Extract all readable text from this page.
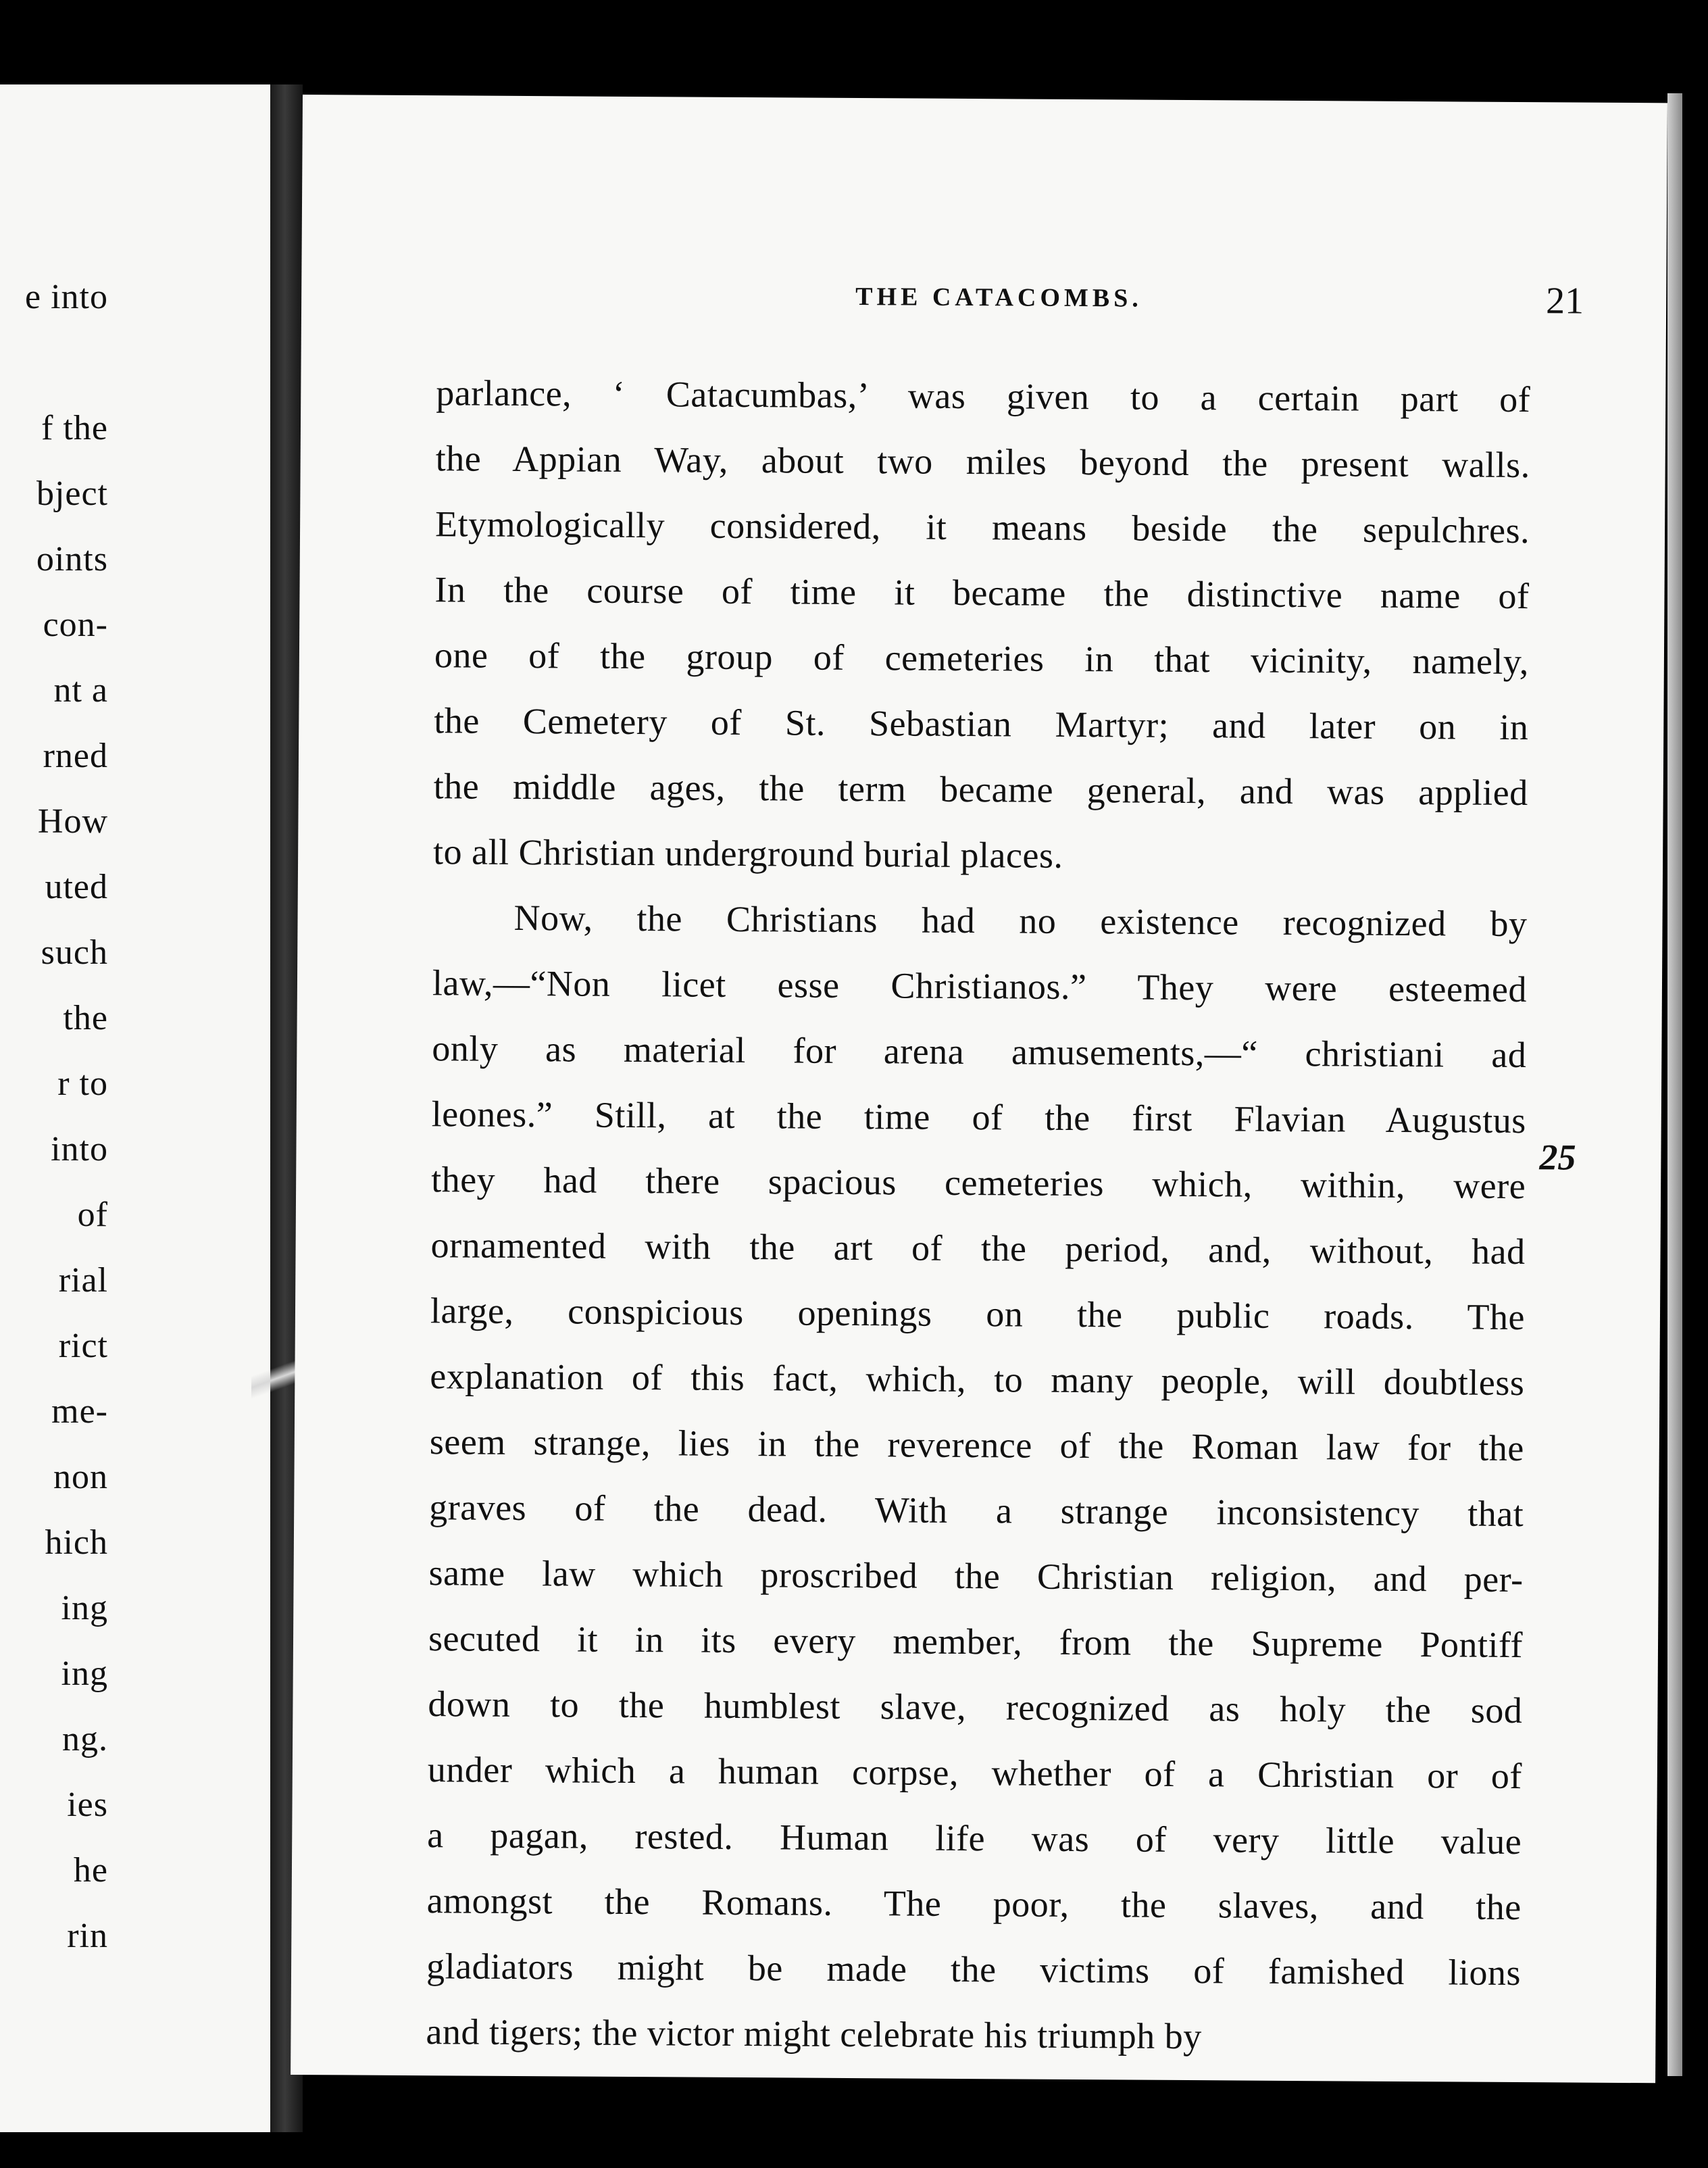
e into
f the
bject
oints
con-
nt a
rned
How
uted
such
the
r to
into
of
rial
rict
me-
non
hich
ing
ing
ng.
ies
he
rin
THE CATACOMBS.	21
parlance, ‘ Catacumbas,’ was given to a certain part of
the Appian Way, about two miles beyond the present walls.
Etymologically considered, it means beside the sepulchres.
In the course of time it became the distinctive name of
one of the group of cemeteries in that vicinity, namely,
the Cemetery of St. Sebastian Martyr; and later on in
the middle ages, the term became general, and was applied
to all Christian underground burial places.
Now, the Christians had no existence recognized by
law,—“Non licet esse Christianos.” They were esteemed
only as material for arena amusements,—“ christiani ad
leones.” Still, at the time of the first Flavian Augustus
they had there spacious cemeteries which, within, were
ornamented with the art of the period, and, without, had
large, conspicious openings on the public roads. The
explanation of this fact, which, to many people, will doubtless
seem strange, lies in the reverence of the Roman law for the
graves of the dead. With a strange inconsistency that
same law which proscribed the Christian religion, and per-
secuted it in its every member, from the Supreme Pontiff
down to the humblest slave, recognized as holy the sod
under which a human corpse, whether of a Christian or of
a pagan, rested. Human life was of very little value
amongst the Romans. The poor, the slaves, and the
gladiators might be made the victims of famished lions
and tigers; the victor might celebrate his triumph by
25
